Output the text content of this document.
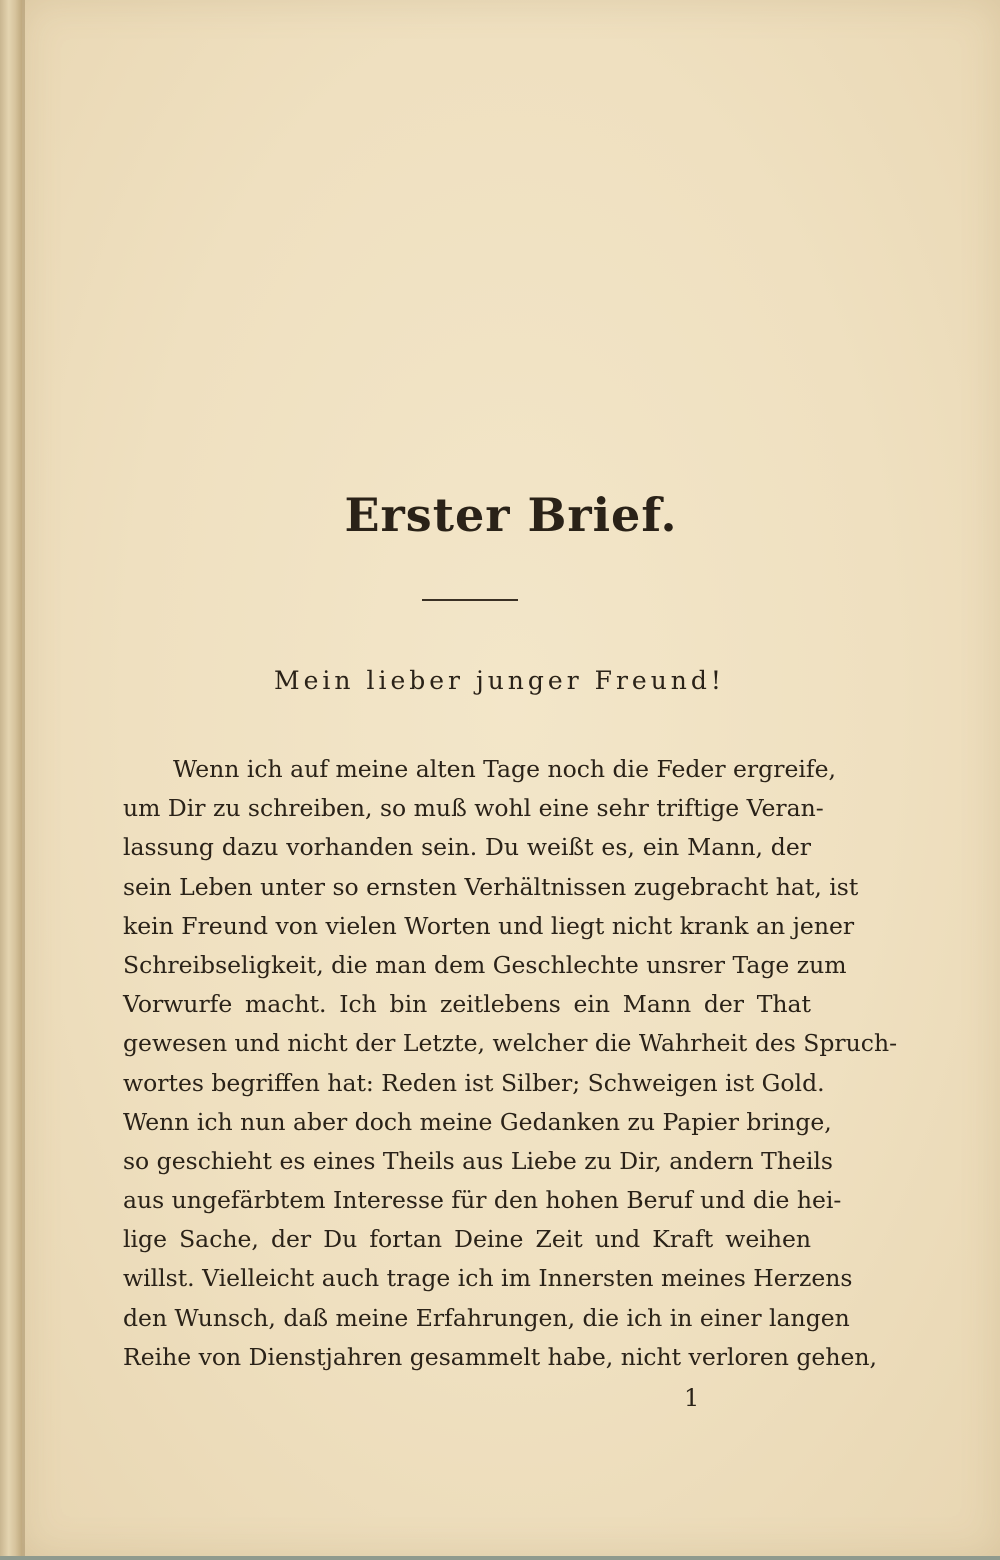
Erster Brief.
Mein lieber junger Freund!
Wenn ich auf meine alten Tage noch die Feder ergreife,
um Dir zu schreiben, so muß wohl eine sehr triftige Veran-
lassung dazu vorhanden sein. Du weißt es, ein Mann, der
sein Leben unter so ernsten Verhältnissen zugebracht hat, ist
kein Freund von vielen Worten und liegt nicht krank an jener
Schreibseligkeit, die man dem Geschlechte unsrer Tage zum
Vorwurfe macht. Ich bin zeitlebens ein Mann der That
gewesen und nicht der Letzte, welcher die Wahrheit des Spruch-
wortes begriffen hat: Reden ist Silber; Schweigen ist Gold.
Wenn ich nun aber doch meine Gedanken zu Papier bringe,
so geschieht es eines Theils aus Liebe zu Dir, andern Theils
aus ungefärbtem Interesse für den hohen Beruf und die hei-
lige Sache, der Du fortan Deine Zeit und Kraft weihen
willst. Vielleicht auch trage ich im Innersten meines Herzens
den Wunsch, daß meine Erfahrungen, die ich in einer langen
Reihe von Dienstjahren gesammelt habe, nicht verloren gehen,
1
